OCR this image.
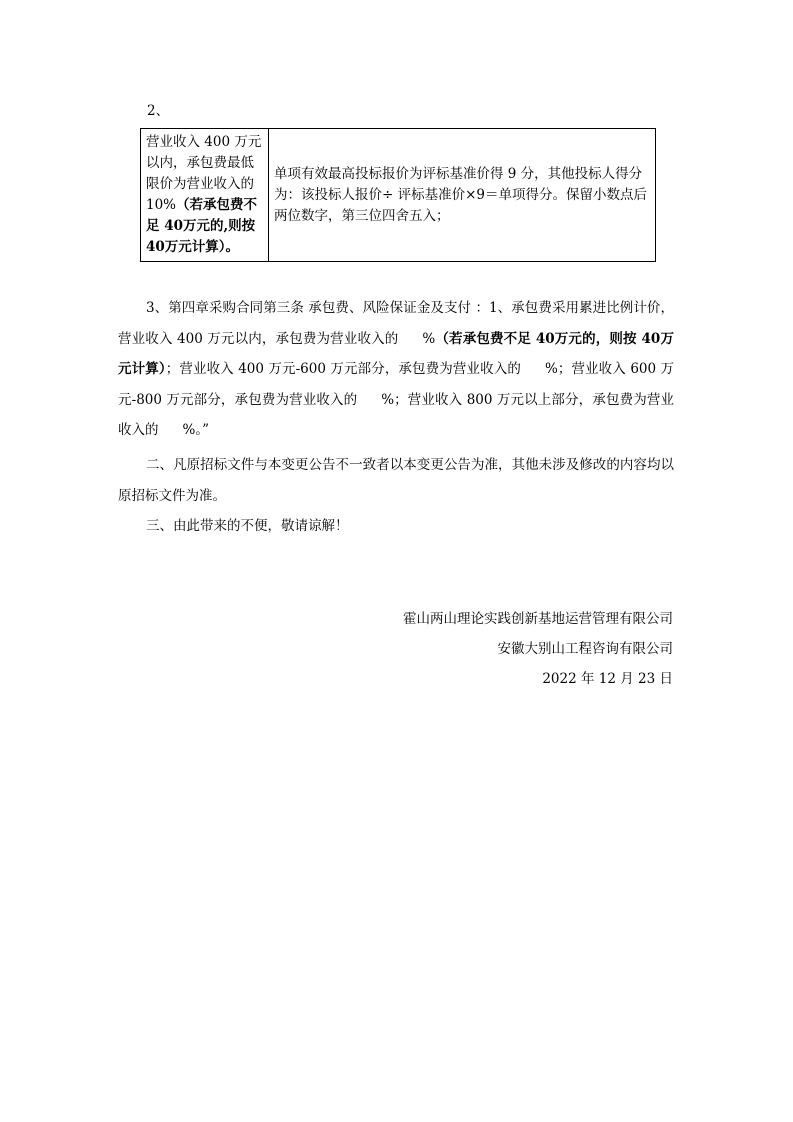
2、
营业收入 400 万元以内，承包费最低限价为营业收入的 10%（若承包费不足 40万元的,则按40万元计算）。	单项有效最高投标报价为评标基准价得 9 分，其他投标人得分为：该投标人报价÷ 评标基准价×9＝单项得分。保留小数点后两位数字，第三位四舍五入；

3、第四章采购合同第三条 承包费、风险保证金及支付 ：1、承包费采用累进比例计价，营业收入 400 万元以内，承包费为营业收入的 %（若承包费不足 40万元的，则按 40万元计算）；营业收入 400 万元-600 万元部分，承包费为营业收入的 %；营业收入 600 万元-800 万元部分，承包费为营业收入的 %；营业收入 800 万元以上部分，承包费为营业收入的 %。”

二、凡原招标文件与本变更公告不一致者以本变更公告为准，其他未涉及修改的内容均以原招标文件为准。

三、由此带来的不便，敬请谅解！

霍山两山理论实践创新基地运营管理有限公司
安徽大别山工程咨询有限公司
2022 年 12 月 23 日
